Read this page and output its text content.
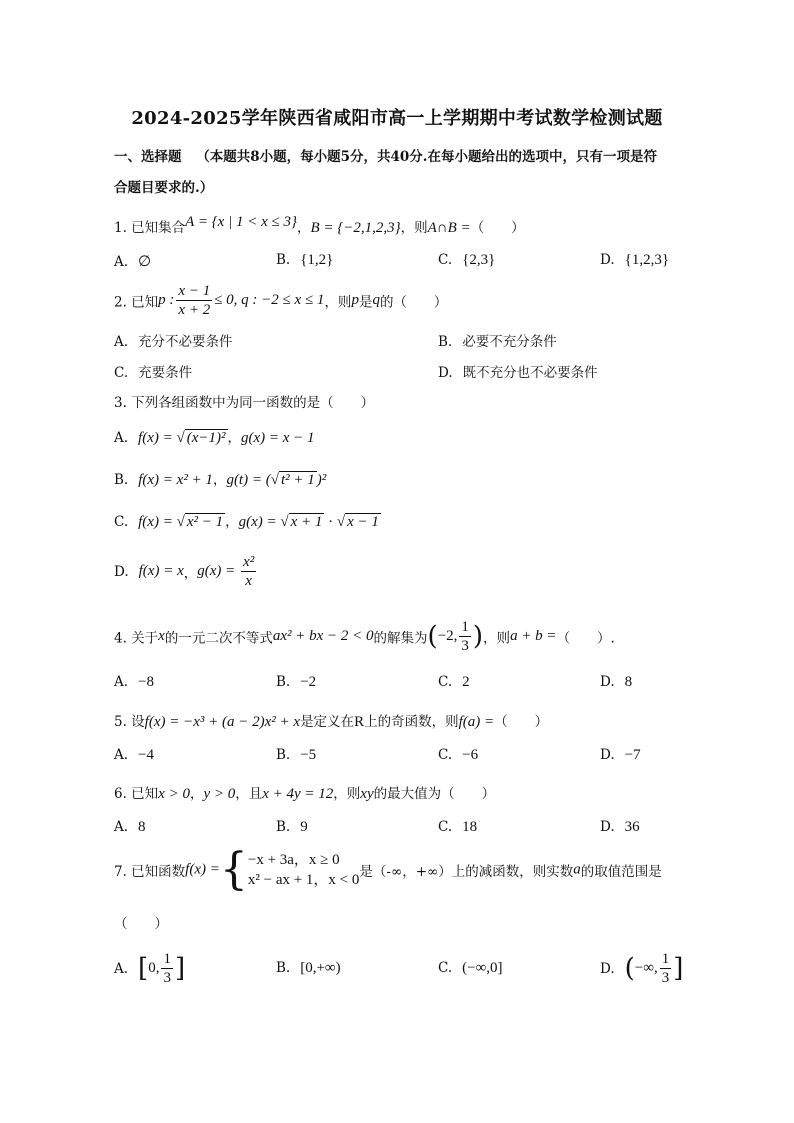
2024-2025学年陕西省咸阳市高一上学期期中考试数学检测试题
一、选择题 （本题共8小题，每小题5分，共40分.在每小题给出的选项中，只有一项是符
合题目要求的.）
1. 已知集合A = {x | 1 < x ≤ 3}，B = {−2,1,2,3}，则A∩B =（　　）
A. ∅	B. {1,2}	C. {2,3}	D. {1,2,3}
2. 已知p : $\frac{x - 1}{x + 2} \le 0$, q : −2 ≤ x ≤ 1，则p是q的（　　）
A. 充分不必要条件	B. 必要不充分条件
C. 充要条件	D. 既不充分也不必要条件
3. 下列各组函数中为同一函数的是（　　）
A. f(x) = √ (x−1)² ，g(x) = x − 1
B. f(x) = x² + 1，g(t) = (√ t² + 1 )²
C. f(x) = √ x² − 1 ，g(x) = √ x + 1 · √ x − 1
D. f(x) = x，$g(x) = \frac{\text{x²}}{x}$
4. 关于x的一元二次不等式ax² + bx − 2 < 0的解集为(−2, $\frac{1}{3}$ )，则a + b =（　　）.
A. −8	B. −2	C. 2	D. 8
5. 设f(x) = −x³ + (a − 2)x² + x是定义在R上的奇函数，则f(a) =（　　）
A. −4	B. −5	C. −6	D. −7
6. 已知x > 0，y > 0，且x + 4y = 12，则xy的最大值为（　　）
A. 8	B. 9	C. 18	D. 36
7. 已知函数f(x) ={ −x + 3a，x ≥ 0
x² − ax + 1，x < 0 是（-∞，+∞）上的减函数，则实数a的取值范围是
（　　）
A. [0, $\frac{1}{3}$ ]	B. [0,+∞)	C. (−∞,0]	D. (−∞, $\frac{1}{3}$ ]
